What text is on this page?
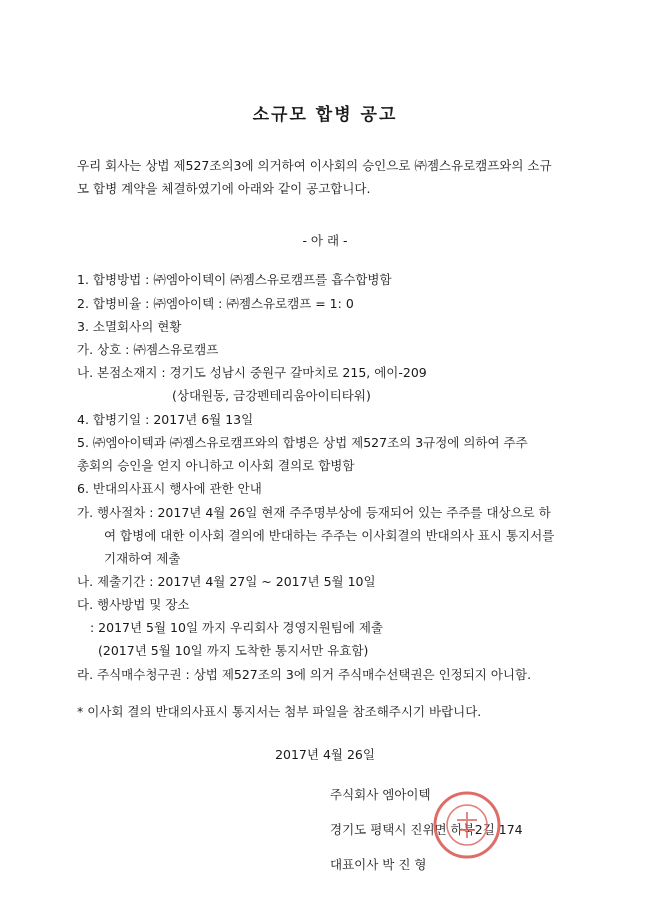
소규모 합병 공고
우리 회사는 상법 제527조의3에 의거하여 이사회의 승인으로 ㈜젬스유로캠프와의 소규
모 합병 계약을 체결하였기에 아래와 같이 공고합니다.
- 아 래 -
1. 합병방법 : ㈜엠아이텍이 ㈜젬스유로캠프를 흡수합병함
2. 합병비율 : ㈜엠아이텍 : ㈜젬스유로캠프 = 1: 0
3. 소멸회사의 현황
가. 상호 : ㈜젬스유로캠프
나. 본점소재지 : 경기도 성남시 중원구 갈마치로 215, 에이-209
(상대원동, 금강펜테리움아이티타워)
4. 합병기일 : 2017년 6월 13일
5. ㈜엠아이텍과 ㈜젬스유로캠프와의 합병은 상법 제527조의 3규정에 의하여 주주
총회의 승인을 얻지 아니하고 이사회 결의로 합병함
6. 반대의사표시 행사에 관한 안내
가. 행사절차 : 2017년 4월 26일 현재 주주명부상에 등재되어 있는 주주를 대상으로 하
여 합병에 대한 이사회 결의에 반대하는 주주는 이사회결의 반대의사 표시 통지서를
기재하여 제출
나. 제출기간 : 2017년 4월 27일 ~ 2017년 5월 10일
다. 행사방법 및 장소
: 2017년 5월 10일 까지 우리회사 경영지원팀에 제출
(2017년 5월 10일 까지 도착한 통지서만 유효함)
라. 주식매수청구권 : 상법 제527조의 3에 의거 주식매수선택권은 인정되지 아니함.
* 이사회 결의 반대의사표시 통지서는 첨부 파일을 참조해주시기 바랍니다.
2017년 4월 26일
주식회사 엠아이텍
경기도 평택시 진위면 하북2길 174
대표이사 박 진 형
